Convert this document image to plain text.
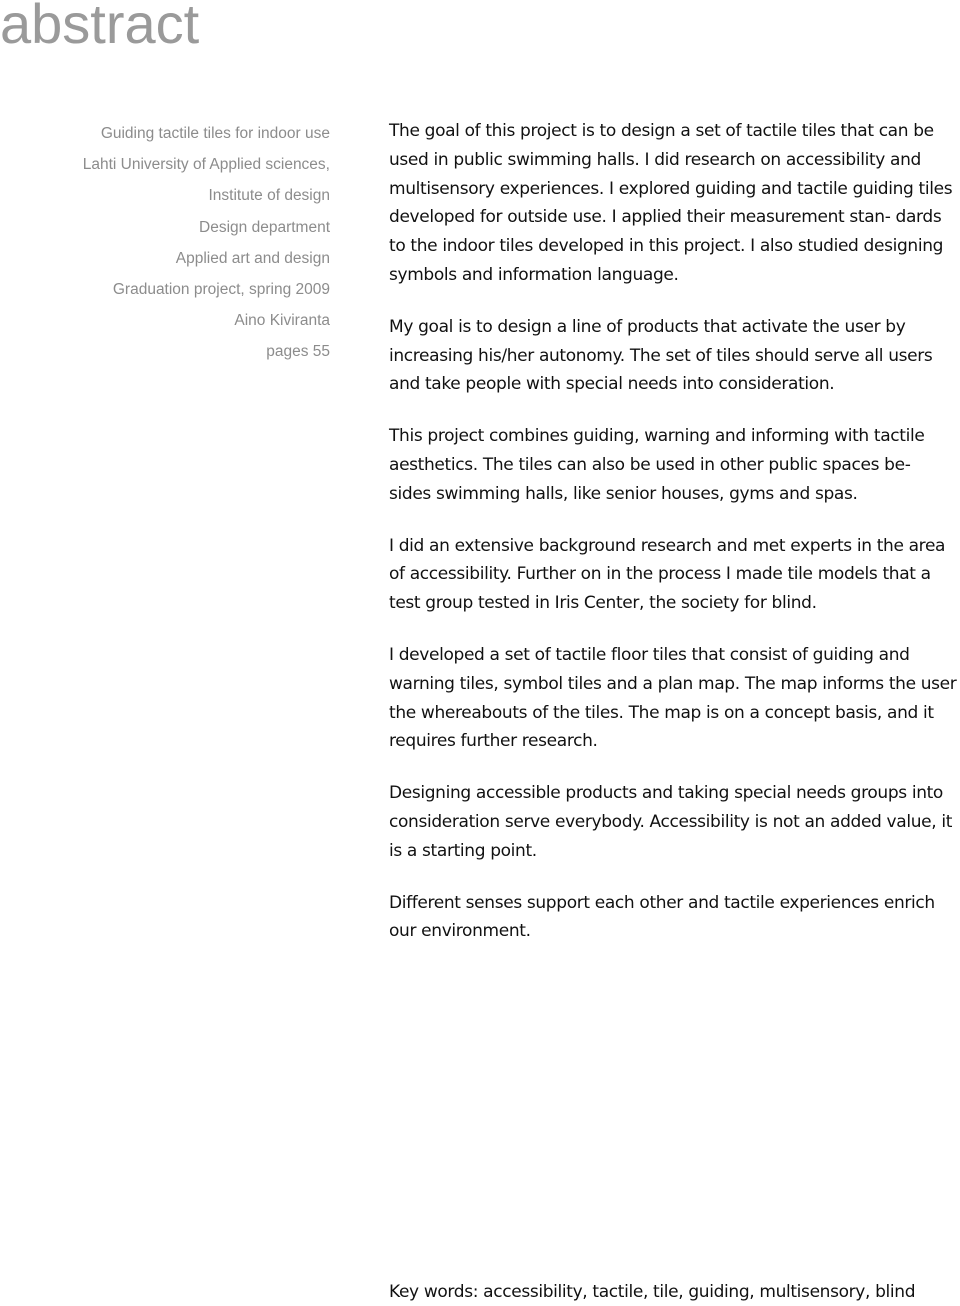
abstract
Guiding tactile tiles for indoor use
Lahti University of Applied sciences,
Institute of design
Design department
Applied art and design
Graduation project, spring 2009
Aino Kiviranta
pages 55

The goal of this project is to design a set of tactile tiles that can be used in public swimming halls. I did research on accessibility and multisensory experiences. I explored guiding and tactile guiding tiles developed for outside use. I applied their measurement stan- dards to the indoor tiles developed in this project. I also studied designing symbols and information language.

My goal is to design a line of products that activate the user by increasing his/her autonomy. The set of tiles should serve all users and take people with special needs into consideration.

This project combines guiding, warning and informing with tactile aesthetics. The tiles can also be used in other public spaces be- sides swimming halls, like senior houses, gyms and spas.

I did an extensive background research and met experts in the area of accessibility. Further on in the process I made tile models that a test group tested in Iris Center, the society for blind.

I developed a set of tactile floor tiles that consist of guiding and warning tiles, symbol tiles and a plan map. The map informs the user the whereabouts of the tiles. The map is on a concept basis, and it requires further research.

Designing accessible products and taking special needs groups into consideration serve everybody. Accessibility is not an added value, it is a starting point.

Different senses support each other and tactile experiences enrich our environment.

Key words: accessibility, tactile, tile, guiding, multisensory, blind
